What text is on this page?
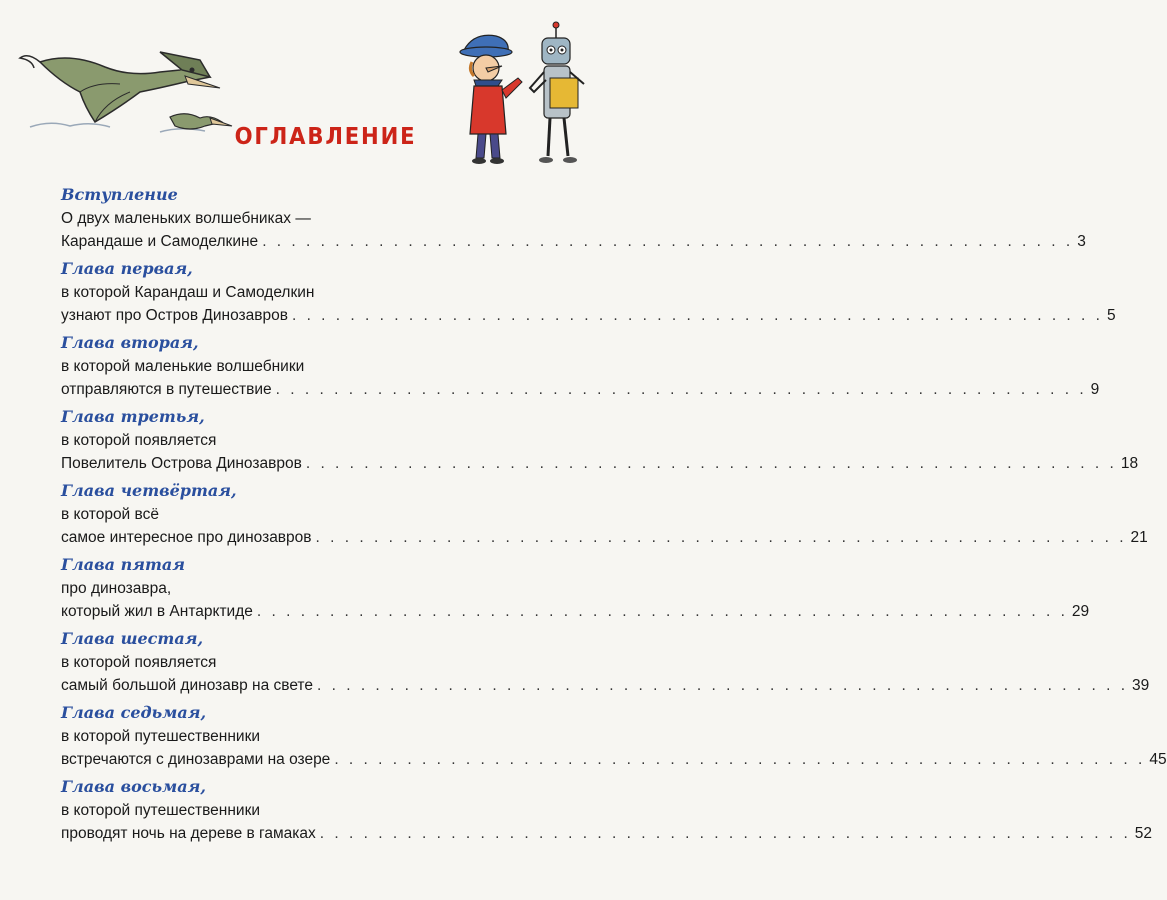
ОГЛАВЛЕНИЕ
Вступление
О двух маленьких волшебниках —
Карандаше и Самоделкине . . . . . . . . . . . . . . . . . . . . . . . . . . . . . . . . . . . . . . . . . . . . . . . . . . . . . . . . 3
Глава первая,
в которой Карандаш и Самоделкин
узнают про Остров Динозавров . . . . . . . . . . . . . . . . . . . . . . . . . . . . . . . . . . . . . . . . . . . . . . . . . . . . . . . . 5
Глава вторая,
в которой маленькие волшебники
отправляются в путешествие . . . . . . . . . . . . . . . . . . . . . . . . . . . . . . . . . . . . . . . . . . . . . . . . . . . . . . . . 9
Глава третья,
в которой появляется
Повелитель Острова Динозавров . . . . . . . . . . . . . . . . . . . . . . . . . . . . . . . . . . . . . . . . . . . . . . . . . . . . . . . . 18
Глава четвёртая,
в которой всё
самое интересное про динозавров . . . . . . . . . . . . . . . . . . . . . . . . . . . . . . . . . . . . . . . . . . . . . . . . . . . . . . . . 21
Глава пятая
про динозавра,
который жил в Антарктиде . . . . . . . . . . . . . . . . . . . . . . . . . . . . . . . . . . . . . . . . . . . . . . . . . . . . . . . . 29
Глава шестая,
в которой появляется
самый большой динозавр на свете . . . . . . . . . . . . . . . . . . . . . . . . . . . . . . . . . . . . . . . . . . . . . . . . . . . . . . . . 39
Глава седьмая,
в которой путешественники
встречаются с динозаврами на озере . . . . . . . . . . . . . . . . . . . . . . . . . . . . . . . . . . . . . . . . . . . . . . . . . . . . . . . . 45
Глава восьмая,
в которой путешественники
проводят ночь на дереве в гамаках . . . . . . . . . . . . . . . . . . . . . . . . . . . . . . . . . . . . . . . . . . . . . . . . . . . . . . . . 52
